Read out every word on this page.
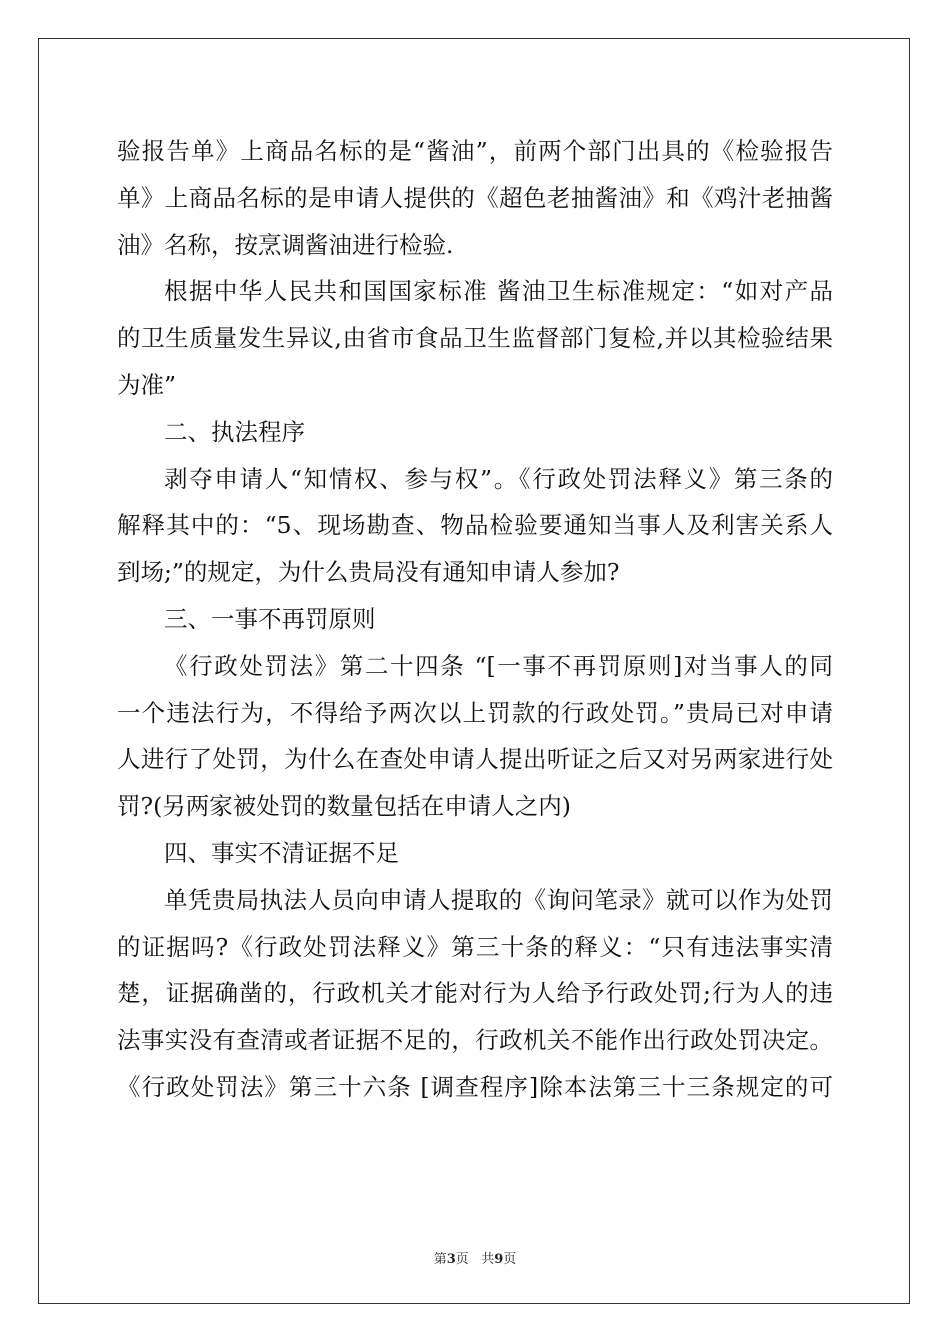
验报告单》上商品名标的是“酱油”，前两个部门出具的《检验报告
单》上商品名标的是申请人提供的《超色老抽酱油》和《鸡汁老抽酱
油》名称，按烹调酱油进行检验.
根据中华人民共和国国家标准 酱油卫生标准规定：“如对产品
的卫生质量发生异议,由省市食品卫生监督部门复检,并以其检验结果
为准”
二、执法程序
剥夺申请人“知情权、参与权”。《行政处罚法释义》第三条的
解释其中的：“5、现场勘查、物品检验要通知当事人及利害关系人
到场;”的规定，为什么贵局没有通知申请人参加?
三、一事不再罚原则
《行政处罚法》第二十四条 “[一事不再罚原则]对当事人的同
一个违法行为，不得给予两次以上罚款的行政处罚。”贵局已对申请
人进行了处罚，为什么在查处申请人提出听证之后又对另两家进行处
罚?(另两家被处罚的数量包括在申请人之内)
四、事实不清证据不足
单凭贵局执法人员向申请人提取的《询问笔录》就可以作为处罚
的证据吗?《行政处罚法释义》第三十条的释义：“只有违法事实清
楚，证据确凿的，行政机关才能对行为人给予行政处罚;行为人的违
法事实没有查清或者证据不足的，行政机关不能作出行政处罚决定。
《行政处罚法》第三十六条 [调查程序]除本法第三十三条规定的可
第3页 共9页
